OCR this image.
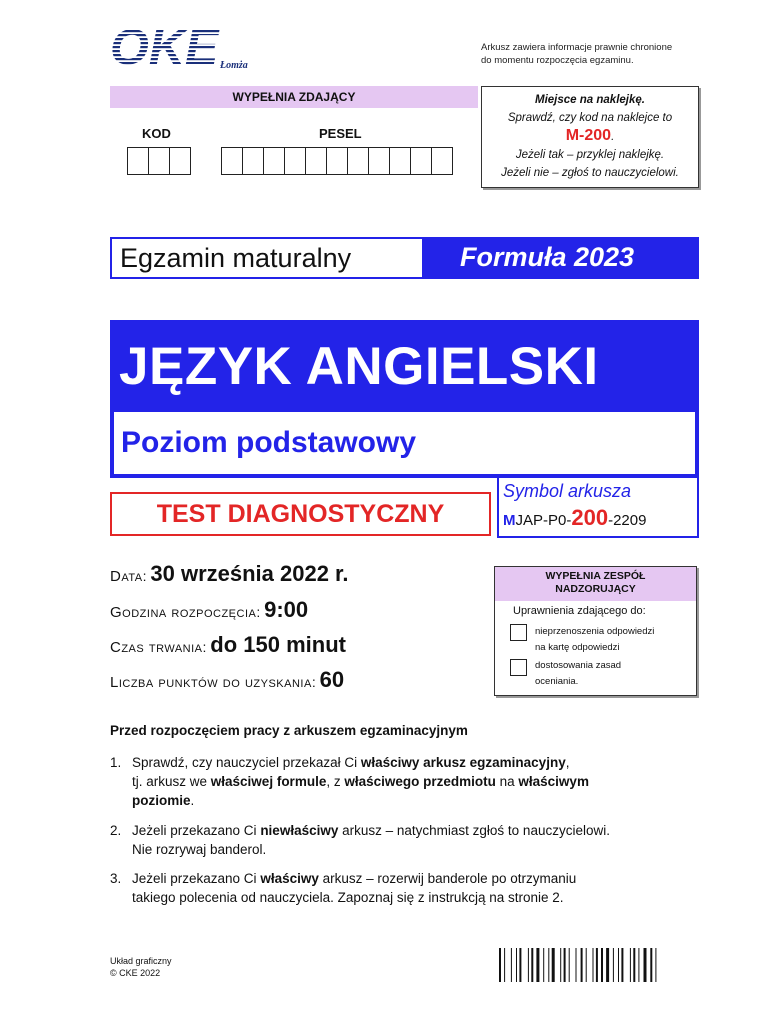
OKE Łomża
Arkusz zawiera informacje prawnie chronione
do momentu rozpoczęcia egzaminu.
WYPEŁNIA ZDAJĄCY
KOD	PESEL
Miejsce na naklejkę.
Sprawdź, czy kod na naklejce to
M-200.
Jeżeli tak – przyklej naklejkę.
Jeżeli nie – zgłoś to nauczycielowi.
Egzamin maturalny	Formuła 2023
JĘZYK ANGIELSKI
Poziom podstawowy
TEST DIAGNOSTYCZNY
Symbol arkusza
MJAP-P0-200-2209
Data: 30 września 2022 r.
Godzina rozpoczęcia: 9:00
Czas trwania: do 150 minut
Liczba punktów do uzyskania: 60
WYPEŁNIA ZESPÓŁ
NADZORUJĄCY
Uprawnienia zdającego do:
nieprzenoszenia odpowiedzi
na kartę odpowiedzi
dostosowania zasad
oceniania.
Przed rozpoczęciem pracy z arkuszem egzaminacyjnym
1. Sprawdź, czy nauczyciel przekazał Ci właściwy arkusz egzaminacyjny,
tj. arkusz we właściwej formule, z właściwego przedmiotu na właściwym
poziomie.
2. Jeżeli przekazano Ci niewłaściwy arkusz – natychmiast zgłoś to nauczycielowi.
Nie rozrywaj banderol.
3. Jeżeli przekazano Ci właściwy arkusz – rozerwij banderole po otrzymaniu
takiego polecenia od nauczyciela. Zapoznaj się z instrukcją na stronie 2.
Układ graficzny
© CKE 2022
